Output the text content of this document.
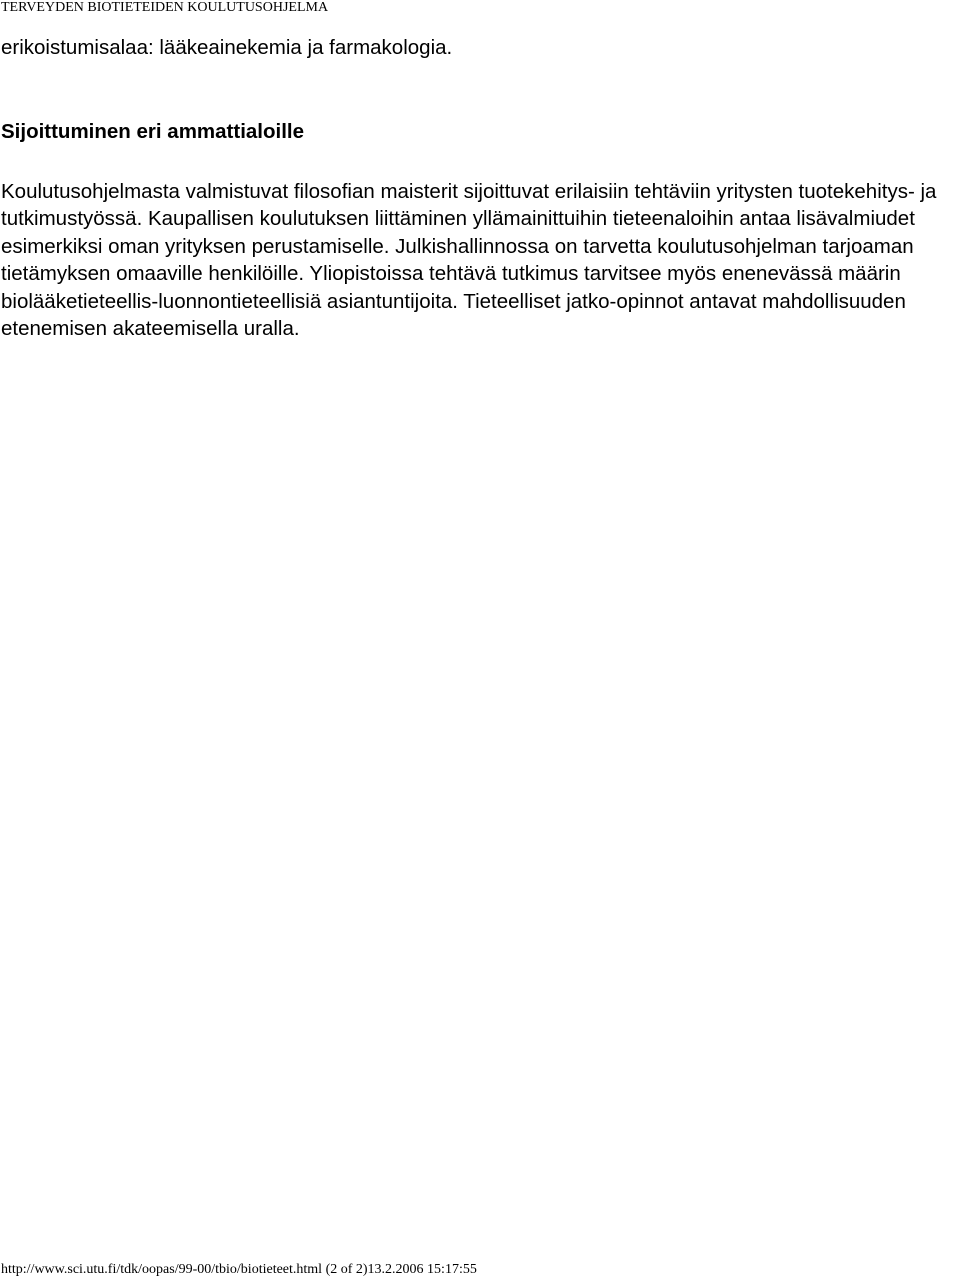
TERVEYDEN BIOTIETEIDEN KOULUTUSOHJELMA

erikoistumisalaa: lääkeainekemia ja farmakologia.

Sijoittuminen eri ammattialoille

Koulutusohjelmasta valmistuvat filosofian maisterit sijoittuvat erilaisiin tehtäviin yritysten tuotekehitys- ja tutkimustyössä. Kaupallisen koulutuksen liittäminen yllämainittuihin tieteenaloihin antaa lisävalmiudet esimerkiksi oman yrityksen perustamiselle. Julkishallinnossa on tarvetta koulutusohjelman tarjoaman tietämyksen omaaville henkilöille. Yliopistoissa tehtävä tutkimus tarvitsee myös enenevässä määrin biolääketieteellis-luonnontieteellisiä asiantuntijoita. Tieteelliset jatko-opinnot antavat mahdollisuuden etenemisen akateemisella uralla.

http://www.sci.utu.fi/tdk/oopas/99-00/tbio/biotieteet.html (2 of 2)13.2.2006 15:17:55
